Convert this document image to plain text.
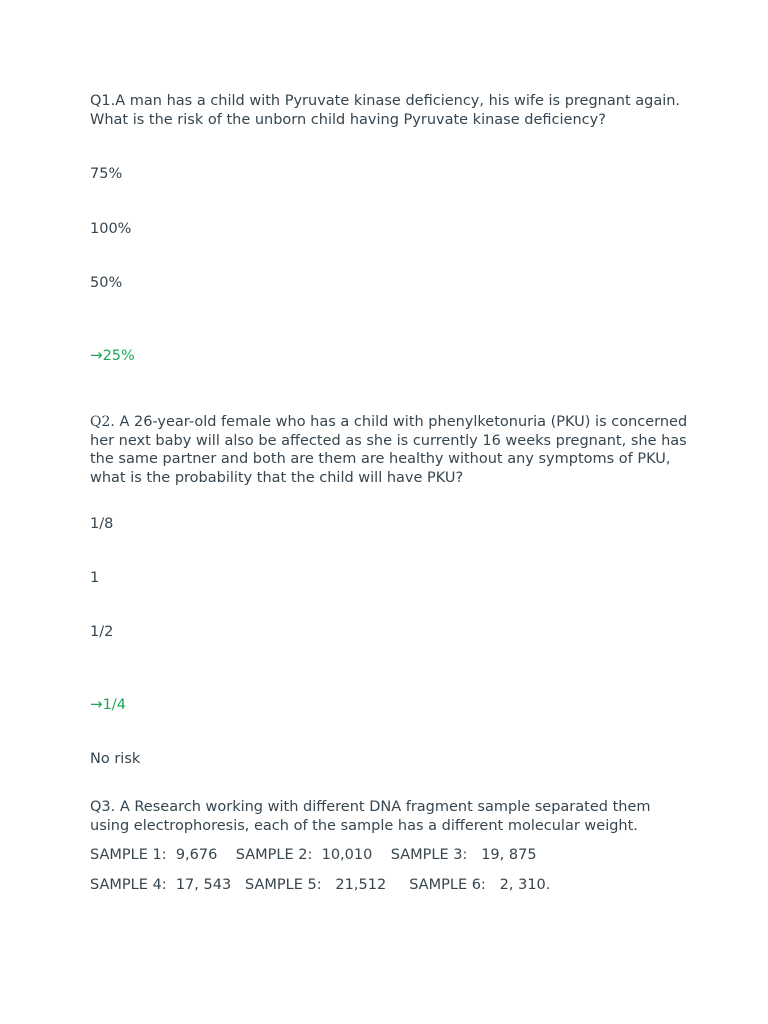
Q1.A man has a child with Pyruvate kinase deficiency, his wife is pregnant again. What is the risk of the unborn child having Pyruvate kinase deficiency?

75%

100%

50%

→25%

Q2. A 26-year-old female who has a child with phenylketonuria (PKU) is concerned her next baby will also be affected as she is currently 16 weeks pregnant, she has the same partner and both are them are healthy without any symptoms of PKU, what is the probability that the child will have PKU?

1/8

1

1/2

→1/4

No risk

Q3. A Research working with different DNA fragment sample separated them using electrophoresis, each of the sample has a different molecular weight.

SAMPLE 1:  9,676    SAMPLE 2:  10,010    SAMPLE 3:   19, 875

SAMPLE 4:  17, 543   SAMPLE 5:   21,512     SAMPLE 6:   2, 310.
